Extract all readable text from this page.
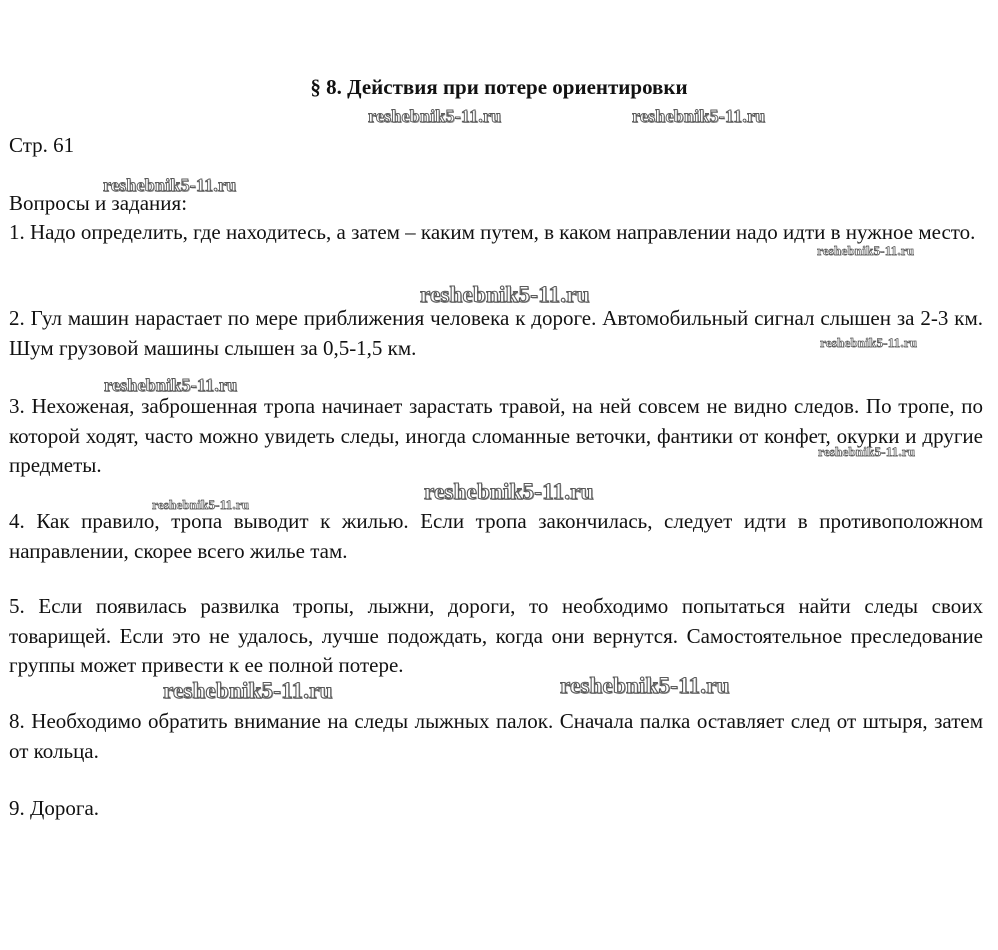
§ 8. Действия при потере ориентировки
Стр. 61
Вопросы и задания:

1. Надо определить, где находитесь, а затем – каким путем, в каком направлении надо идти в нужное место.

2. Гул машин нарастает по мере приближения человека к дороге. Автомобильный сигнал слышен за 2-3 км. Шум грузовой машины слышен за 0,5-1,5 км.

3. Нехоженая, заброшенная тропа начинает зарастать травой, на ней совсем не видно следов. По тропе, по которой ходят, часто можно увидеть следы, иногда сломанные веточки, фантики от конфет, окурки и другие предметы.

4. Как правило, тропа выводит к жилью. Если тропа закончилась, следует идти в противоположном направлении, скорее всего жилье там.

5. Если появилась развилка тропы, лыжни, дороги, то необходимо попытаться найти следы своих товарищей. Если это не удалось, лучше подождать, когда они вернутся. Самостоятельное преследование группы может привести к ее полной потере.

8. Необходимо обратить внимание на следы лыжных палок. Сначала палка оставляет след от штыря, затем от кольца.

9. Дорога.

reshebnik5-11.ru	reshebnik5-11.ru
reshebnik5-11.ru
reshebnik5-11.ru
reshebnik5-11.ru
reshebnik5-11.ru
reshebnik5-11.ru
reshebnik5-11.ru
reshebnik5-11.ru
reshebnik5-11.ru
reshebnik5-11.ru	reshebnik5-11.ru
